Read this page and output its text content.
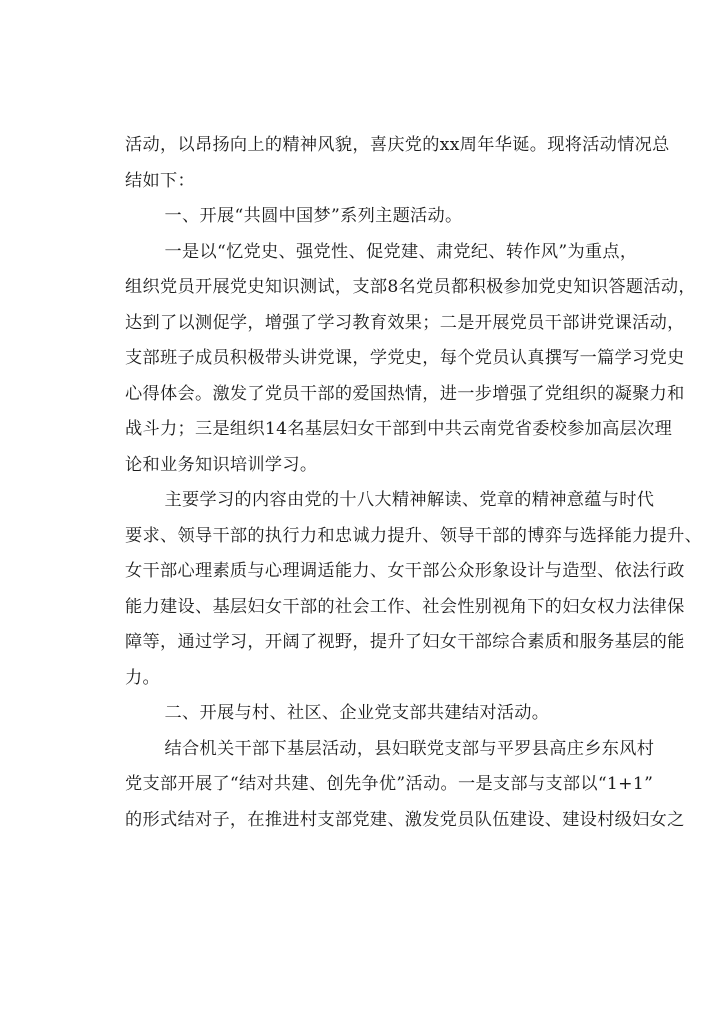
活动，以昂扬向上的精神风貌，喜庆党的xx周年华诞。现将活动情况总
结如下：
一、开展“共圆中国梦”系列主题活动。
一是以“忆党史、强党性、促党建、肃党纪、转作风”为重点，
组织党员开展党史知识测试，支部8名党员都积极参加党史知识答题活动，
达到了以测促学，增强了学习教育效果；二是开展党员干部讲党课活动，
支部班子成员积极带头讲党课，学党史，每个党员认真撰写一篇学习党史
心得体会。激发了党员干部的爱国热情，进一步增强了党组织的凝聚力和
战斗力；三是组织14名基层妇女干部到中共云南党省委校参加高层次理
论和业务知识培训学习。
主要学习的内容由党的十八大精神解读、党章的精神意蕴与时代
要求、领导干部的执行力和忠诚力提升、领导干部的博弈与选择能力提升、
女干部心理素质与心理调适能力、女干部公众形象设计与造型、依法行政
能力建设、基层妇女干部的社会工作、社会性别视角下的妇女权力法律保
障等，通过学习，开阔了视野，提升了妇女干部综合素质和服务基层的能
力。
二、开展与村、社区、企业党支部共建结对活动。
结合机关干部下基层活动，县妇联党支部与平罗县高庄乡东风村
党支部开展了“结对共建、创先争优”活动。一是支部与支部以“1+1”
的形式结对子，在推进村支部党建、激发党员队伍建设、建设村级妇女之
